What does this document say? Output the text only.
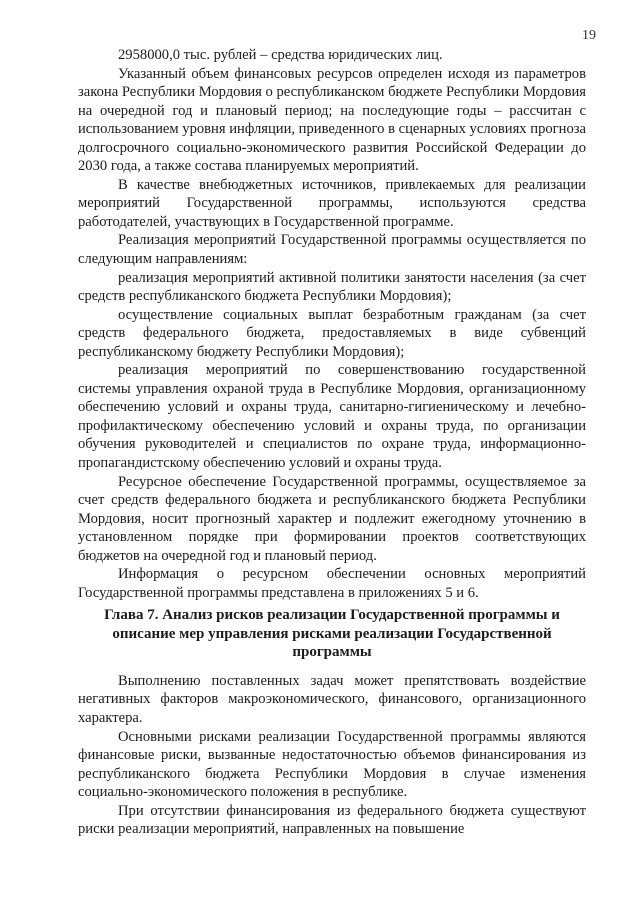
19

2958000,0 тыс. рублей – средства юридических лиц.

Указанный объем финансовых ресурсов определен исходя из параметров закона Республики Мордовия о республиканском бюджете Республики Мордовия на очередной год и плановый период; на последующие годы – рассчитан с использованием уровня инфляции, приведенного в сценарных условиях прогноза долгосрочного социально-экономического развития Российской Федерации до 2030 года, а также состава планируемых мероприятий.

В качестве внебюджетных источников, привлекаемых для реализации мероприятий Государственной программы, используются средства работодателей, участвующих в Государственной программе.

Реализация мероприятий Государственной программы осуществляется по следующим направлениям:

реализация мероприятий активной политики занятости населения (за счет средств республиканского бюджета Республики Мордовия);

осуществление социальных выплат безработным гражданам (за счет средств федерального бюджета, предоставляемых в виде субвенций республиканскому бюджету Республики Мордовия);

реализация мероприятий по совершенствованию государственной системы управления охраной труда в Республике Мордовия, организационному обеспечению условий и охраны труда, санитарно-гигиеническому и лечебно-профилактическому обеспечению условий и охраны труда, по организации обучения руководителей и специалистов по охране труда, информационно-пропагандистскому обеспечению условий и охраны труда.

Ресурсное обеспечение Государственной программы, осуществляемое за счет средств федерального бюджета и республиканского бюджета Республики Мордовия, носит прогнозный характер и подлежит ежегодному уточнению в установленном порядке при формировании проектов соответствующих бюджетов на очередной год и плановый период.

Информация о ресурсном обеспечении основных мероприятий Государственной программы представлена в приложениях 5 и 6.

Глава 7. Анализ рисков реализации Государственной программы и описание мер управления рисками реализации Государственной программы

Выполнению поставленных задач может препятствовать воздействие негативных факторов макроэкономического, финансового, организационного характера.

Основными рисками реализации Государственной программы являются финансовые риски, вызванные недостаточностью объемов финансирования из республиканского бюджета Республики Мордовия в случае изменения социально-экономического положения в республике.

При отсутствии финансирования из федерального бюджета существуют риски реализации мероприятий, направленных на повышение
